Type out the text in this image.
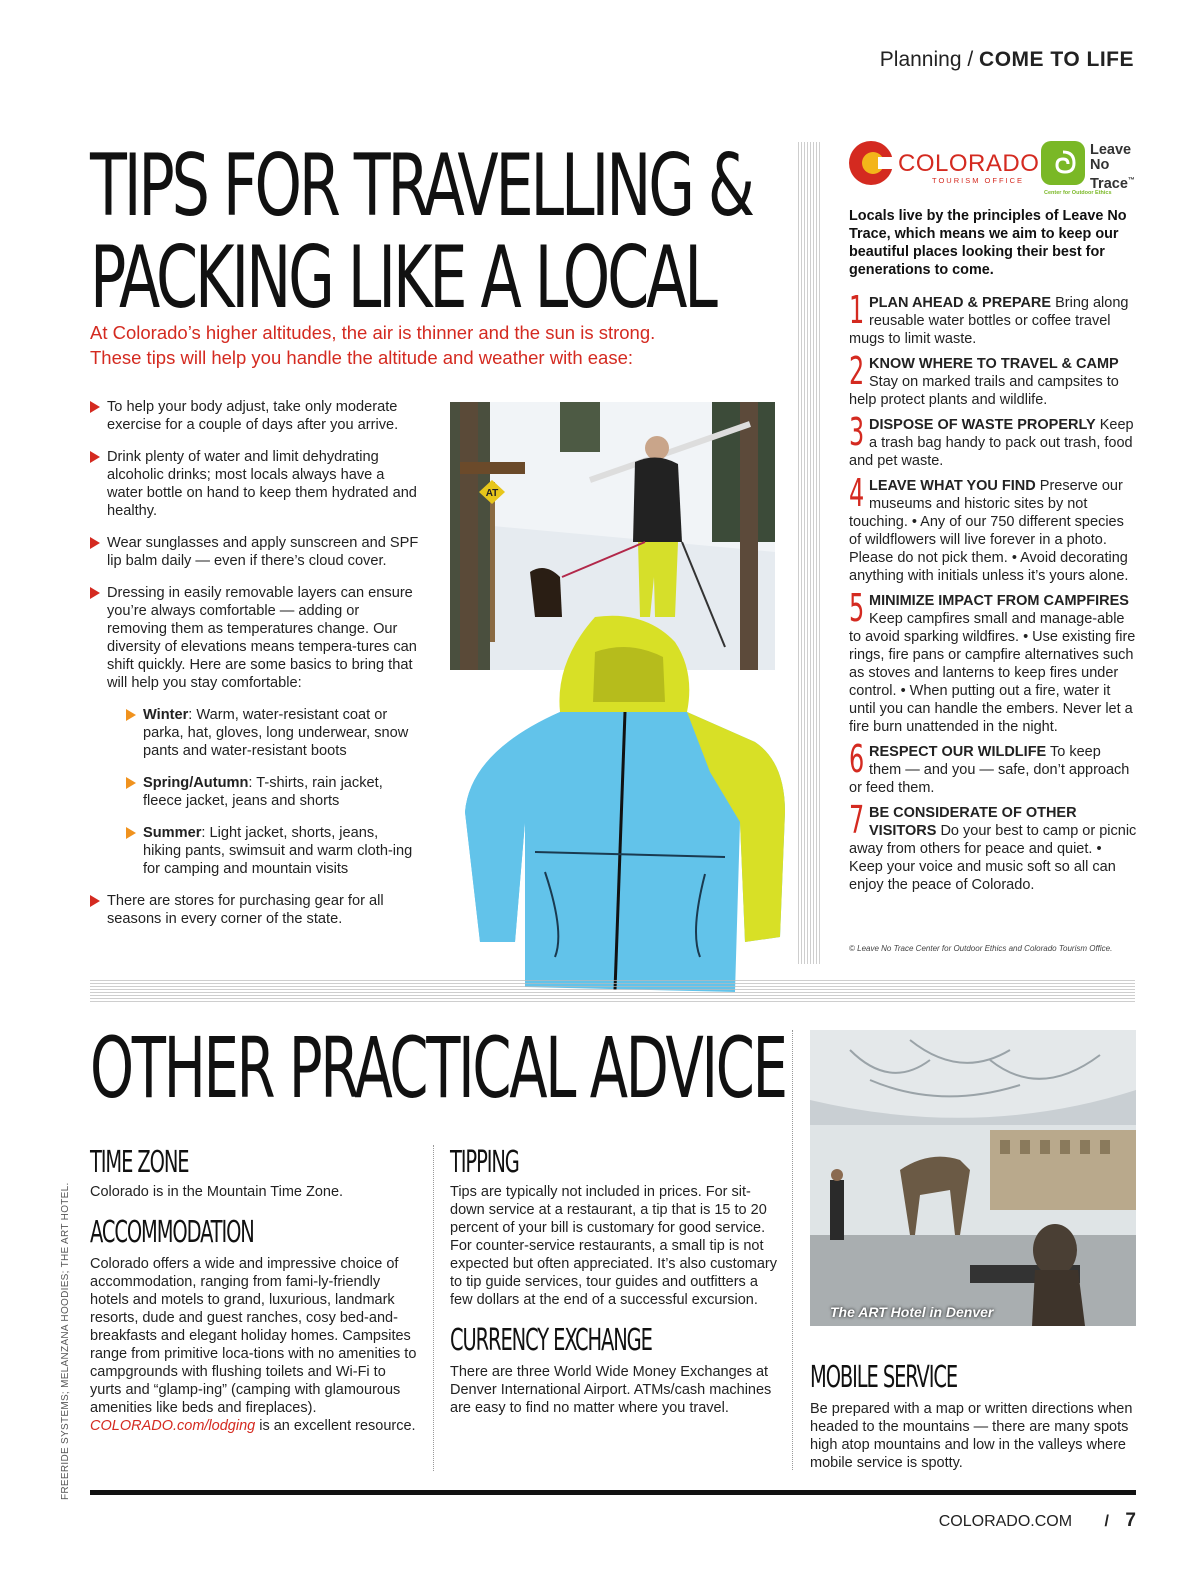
Planning / COME TO LIFE
TIPS FOR TRAVELLING &
PACKING LIKE A LOCAL
At Colorado’s higher altitudes, the air is thinner and the sun is strong. These tips will help you handle the altitude and weather with ease:
To help your body adjust, take only moderate exercise for a couple of days after you arrive.
Drink plenty of water and limit dehydrating alcoholic drinks; most locals always have a water bottle on hand to keep them hydrated and healthy.
Wear sunglasses and apply sunscreen and SPF lip balm daily — even if there’s cloud cover.
Dressing in easily removable layers can ensure you’re always comfortable — adding or removing them as temperatures change. Our diversity of elevations means tempera-tures can shift quickly. Here are some basics to bring that will help you stay comfortable:
Winter: Warm, water-resistant coat or parka, hat, gloves, long underwear, snow pants and water-resistant boots
Spring/Autumn: T-shirts, rain jacket, fleece jacket, jeans and shorts
Summer: Light jacket, shorts, jeans, hiking pants, swimsuit and warm cloth-ing for camping and mountain visits
There are stores for purchasing gear for all seasons in every corner of the state.
AT
COLORADO
TOURISM OFFICE
Leave
No
Trace™
Center for Outdoor Ethics
Locals live by the principles of Leave No Trace, which means we aim to keep our beautiful places looking their best for generations to come.
1 PLAN AHEAD & PREPARE Bring along reusable water bottles or coffee travel mugs to limit waste.
2 KNOW WHERE TO TRAVEL & CAMP Stay on marked trails and campsites to help protect plants and wildlife.
3 DISPOSE OF WASTE PROPERLY Keep a trash bag handy to pack out trash, food and pet waste.
4 LEAVE WHAT YOU FIND Preserve our museums and historic sites by not touching. • Any of our 750 different species of wildflowers will live forever in a photo. Please do not pick them. • Avoid decorating anything with initials unless it’s yours alone.
5 MINIMIZE IMPACT FROM CAMPFIRES Keep campfires small and manage-able to avoid sparking wildfires. • Use existing fire rings, fire pans or campfire alternatives such as stoves and lanterns to keep fires under control. • When putting out a fire, water it until you can handle the embers. Never let a fire burn unattended in the night.
6 RESPECT OUR WILDLIFE To keep them — and you — safe, don’t approach or feed them.
7 BE CONSIDERATE OF OTHER VISITORS Do your best to camp or picnic away from others for peace and quiet. • Keep your voice and music soft so all can enjoy the peace of Colorado.
© Leave No Trace Center for Outdoor Ethics and Colorado Tourism Office.
OTHER PRACTICAL ADVICE
TIME ZONE

Colorado is in the Mountain Time Zone.

ACCOMMODATION

Colorado offers a wide and impressive choice of accommodation, ranging from fami-ly-friendly hotels and motels to grand, luxurious, landmark resorts, dude and guest ranches, cosy bed-and-breakfasts and elegant holiday homes. Campsites range from primitive loca-tions with no amenities to campgrounds with flushing toilets and Wi-Fi to yurts and “glamp-ing” (camping with glamourous amenities like beds and fireplaces). COLORADO.com/lodging is an excellent resource.

TIPPING

Tips are typically not included in prices. For sit-down service at a restaurant, a tip that is 15 to 20 percent of your bill is customary for good service. For counter-service restaurants, a small tip is not expected but often appreciated. It’s also customary to tip guide services, tour guides and outfitters a few dollars at the end of a successful excursion.

CURRENCY EXCHANGE

There are three World Wide Money Exchanges at Denver International Airport. ATMs/cash machines are easy to find no matter where you travel.

The ART Hotel in Denver
MOBILE SERVICE

Be prepared with a map or written directions when headed to the mountains — there are many spots high atop mountains and low in the valleys where mobile service is spotty.

FREERIDE SYSTEMS; MELANZANA HOODIES; THE ART HOTEL.
COLORADO.COM / 7
